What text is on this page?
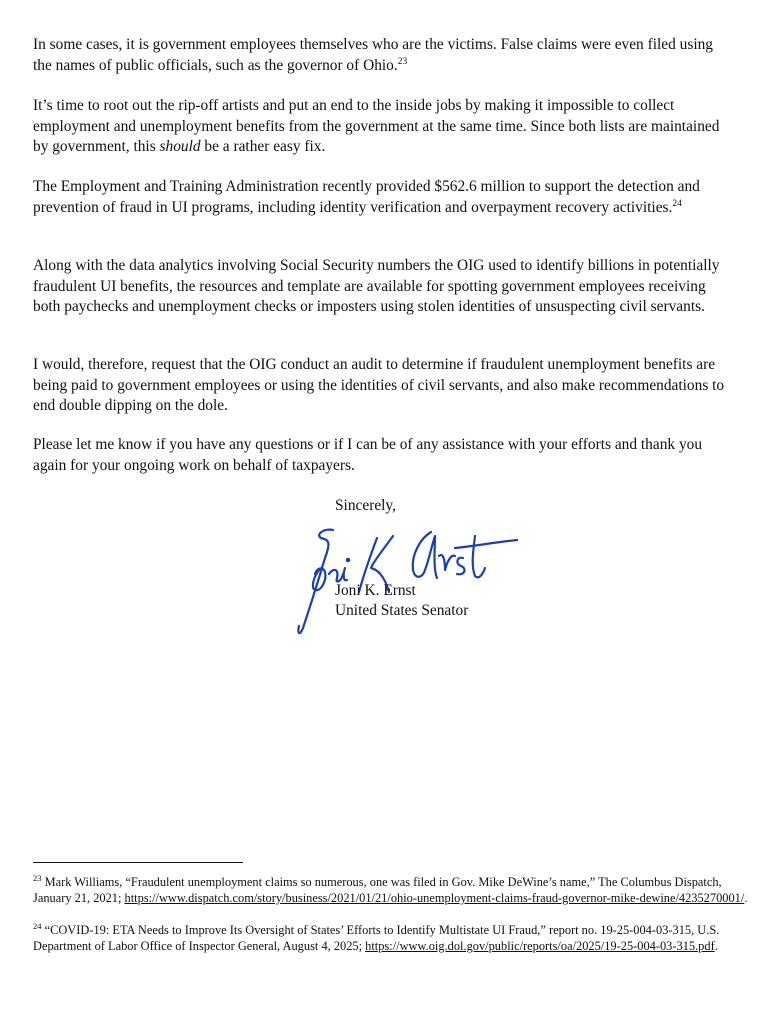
In some cases, it is government employees themselves who are the victims. False claims were even filed using the names of public officials, such as the governor of Ohio.$^{23}$

It’s time to root out the rip-off artists and put an end to the inside jobs by making it impossible to collect employment and unemployment benefits from the government at the same time. Since both lists are maintained by government, this should be a rather easy fix.

The Employment and Training Administration recently provided $562.6 million to support the detection and prevention of fraud in UI programs, including identity verification and overpayment recovery activities.$^{24}$

Along with the data analytics involving Social Security numbers the OIG used to identify billions in potentially fraudulent UI benefits, the resources and template are available for spotting government employees receiving both paychecks and unemployment checks or imposters using stolen identities of unsuspecting civil servants.

I would, therefore, request that the OIG conduct an audit to determine if fraudulent unemployment benefits are being paid to government employees or using the identities of civil servants, and also make recommendations to end double dipping on the dole.

Please let me know if you have any questions or if I can be of any assistance with your efforts and thank you again for your ongoing work on behalf of taxpayers.

Sincerely,
Joni K. Ernst
United States Senator

$^{23}$ Mark Williams, “Fraudulent unemployment claims so numerous, one was filed in Gov. Mike DeWine’s name,” The Columbus Dispatch, January 21, 2021; https://www.dispatch.com/story/business/2021/01/21/ohio-unemployment-claims-fraud-governor-mike-dewine/4235270001/.

$^{24}$ “COVID-19: ETA Needs to Improve Its Oversight of States’ Efforts to Identify Multistate UI Fraud,” report no. 19-25-004-03-315, U.S. Department of Labor Office of Inspector General, August 4, 2025; https://www.oig.dol.gov/public/reports/oa/2025/19-25-004-03-315.pdf.
